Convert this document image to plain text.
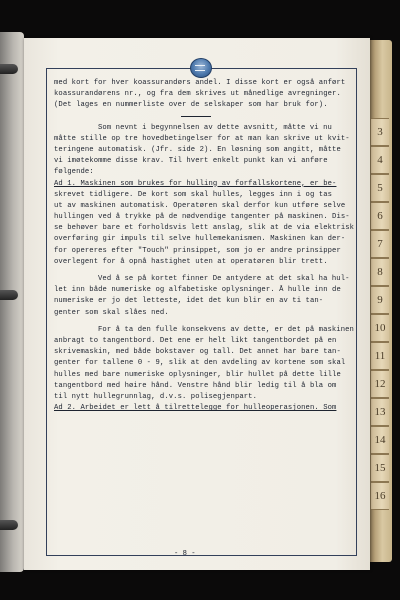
3
4
5
6
7
8
9
10
11
12
13
14
15
16
med kort for hver koassurandørs andel. I disse kort er også anført
koassurandørens nr., og fra dem skrives ut månedlige avregninger.
(Det lages en nummerliste over de selskaper som har bruk for).
Som nevnt i begynnelsen av dette avsnitt, måtte vi nu
måtte stille op tre hovedbetingelser for at man kan skrive ut kvit-
teringene automatisk. (Jfr. side 2). En løsning som angitt, måtte
vi imøtekomme disse krav. Til hvert enkelt punkt kan vi anføre
følgende:
Ad 1. Maskinen som brukes for hulling av forfallskortene, er be-
skrevet tidligere. De kort som skal hulles, legges inn i og tas
ut av maskinen automatisk. Operatøren skal derfor kun utføre selve
hullingen ved å trykke på de nødvendige tangenter på maskinen. Dis-
se behøver bare et forholdsvis lett anslag, slik at de via elektrisk
overføring gir impuls til selve hullemekanismen. Maskinen kan der-
for opereres efter "Touch" prinsippet, som jo er andre prinsipper
overlegent for å opnå hastighet uten at operatøren blir trett.
Ved å se på kortet finner De antydere at det skal ha hul-
let inn både numeriske og alfabetiske oplysninger. Å hulle inn de
numeriske er jo det letteste, idet det kun blir en av ti tan-
genter som skal slåes ned.
For å ta den fulle konsekvens av dette, er det på maskinen
anbragt to tangentbord. Det ene er helt likt tangentbordet på en
skrivemaskin, med både bokstaver og tall. Det annet har bare tan-
genter for tallene 0 - 9, slik at den avdeling av kortene som skal
hulles med bare numeriske oplysninger, blir hullet på dette lille
tangentbord med høire hånd. Venstre hånd blir ledig til å bla om
til nytt hullegrunnlag, d.v.s. polisegjenpart.
Ad 2. Arbeidet er lett å tilrettelegge for hulleoperasjonen. Som
- 8 -
